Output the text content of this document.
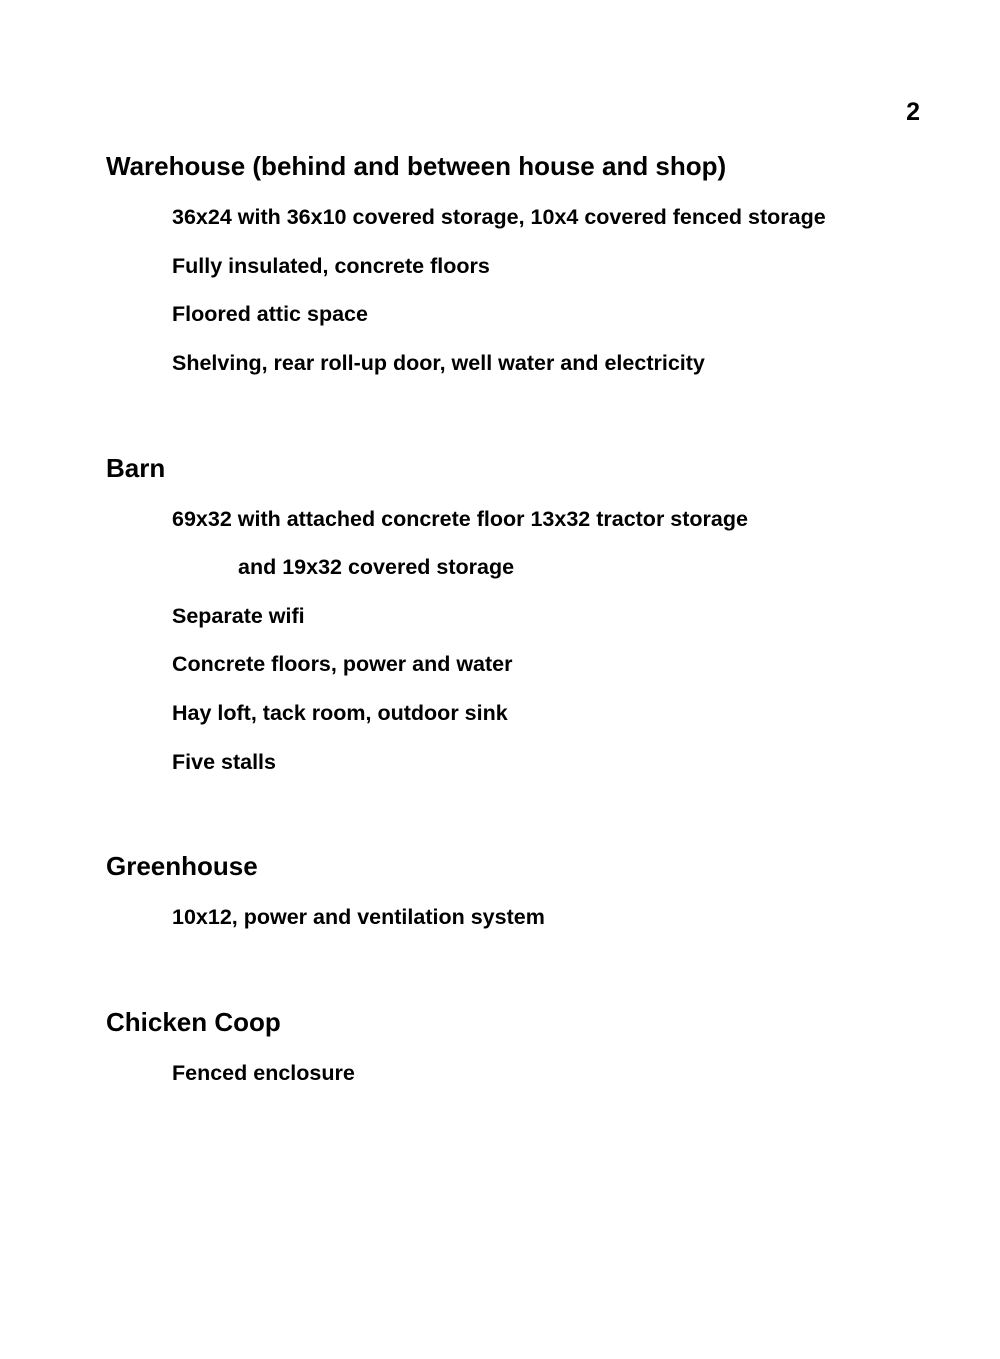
2
Warehouse (behind and between house and shop)
36x24 with 36x10 covered storage, 10x4 covered fenced storage
Fully insulated, concrete floors
Floored attic space
Shelving, rear roll-up door, well water and electricity
Barn
69x32 with attached concrete floor 13x32 tractor storage
and 19x32 covered storage
Separate wifi
Concrete floors, power and water
Hay loft, tack room, outdoor sink
Five stalls
Greenhouse
10x12, power and ventilation system
Chicken Coop
Fenced enclosure
